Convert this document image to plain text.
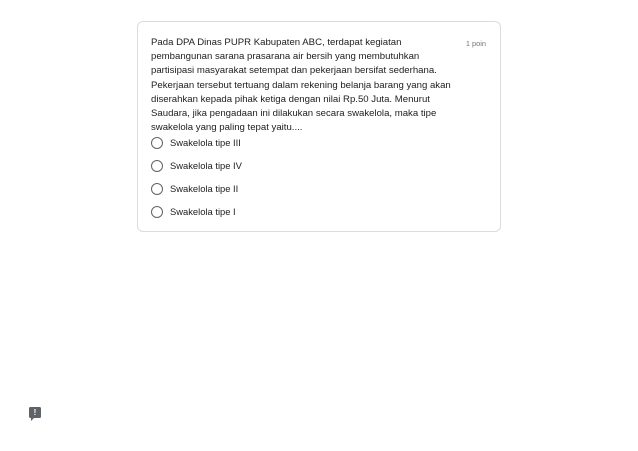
Pada DPA Dinas PUPR Kabupaten ABC, terdapat kegiatan pembangunan sarana prasarana air bersih yang membutuhkan partisipasi masyarakat setempat dan pekerjaan bersifat sederhana. Pekerjaan tersebut tertuang dalam rekening belanja barang yang akan diserahkan kepada pihak ketiga dengan nilai Rp.50 Juta. Menurut Saudara, jika pengadaan ini dilakukan secara swakelola, maka tipe swakelola yang paling tepat yaitu....
1 poin
Swakelola tipe III
Swakelola tipe IV
Swakelola tipe II
Swakelola tipe I
!
